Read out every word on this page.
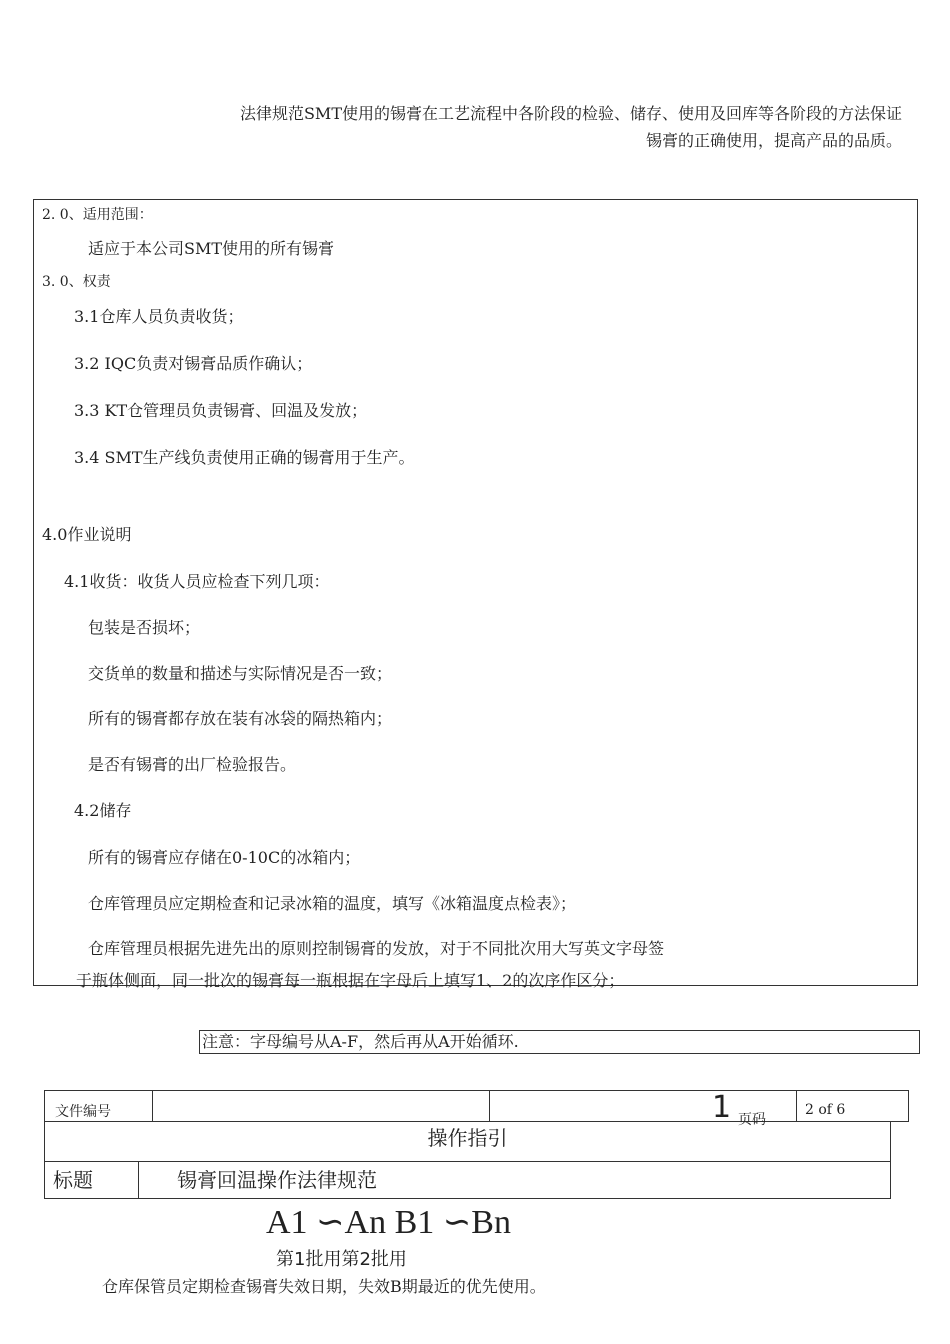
法律规范SMT使用的锡膏在工艺流程中各阶段的检验、储存、使用及回库等各阶段的方法保证
锡膏的正确使用，提高产品的品质。
2. 0、适用范围：
适应于本公司SMT使用的所有锡膏
3. 0、权责
3.1仓库人员负责收货；
3.2 IQC负责对锡膏品质作确认；
3.3 KT仓管理员负责锡膏、回温及发放；
3.4 SMT生产线负责使用正确的锡膏用于生产。
4.0作业说明
4.1收货：收货人员应检查下列几项：
包装是否损坏；
交货单的数量和描述与实际情况是否一致；
所有的锡膏都存放在装有冰袋的隔热箱内；
是否有锡膏的出厂检验报告。
4.2储存
所有的锡膏应存储在0-10C的冰箱内；
仓库管理员应定期检查和记录冰箱的温度，填写《冰箱温度点检表》；
仓库管理员根据先进先出的原则控制锡膏的发放，对于不同批次用大写英文字母签
于瓶体侧面，同一批次的锡膏每一瓶根据在字母后上填写1、2的次序作区分；
注意：字母编号从A-F，然后再从A开始循环.
文件编号	1 页码
2 of 6
操作指引
标题	锡膏回温操作法律规范
A1 ∽An B1 ∽Bn
第1批用第2批用
仓库保管员定期检查锡膏失效日期，失效B期最近的优先使用。
